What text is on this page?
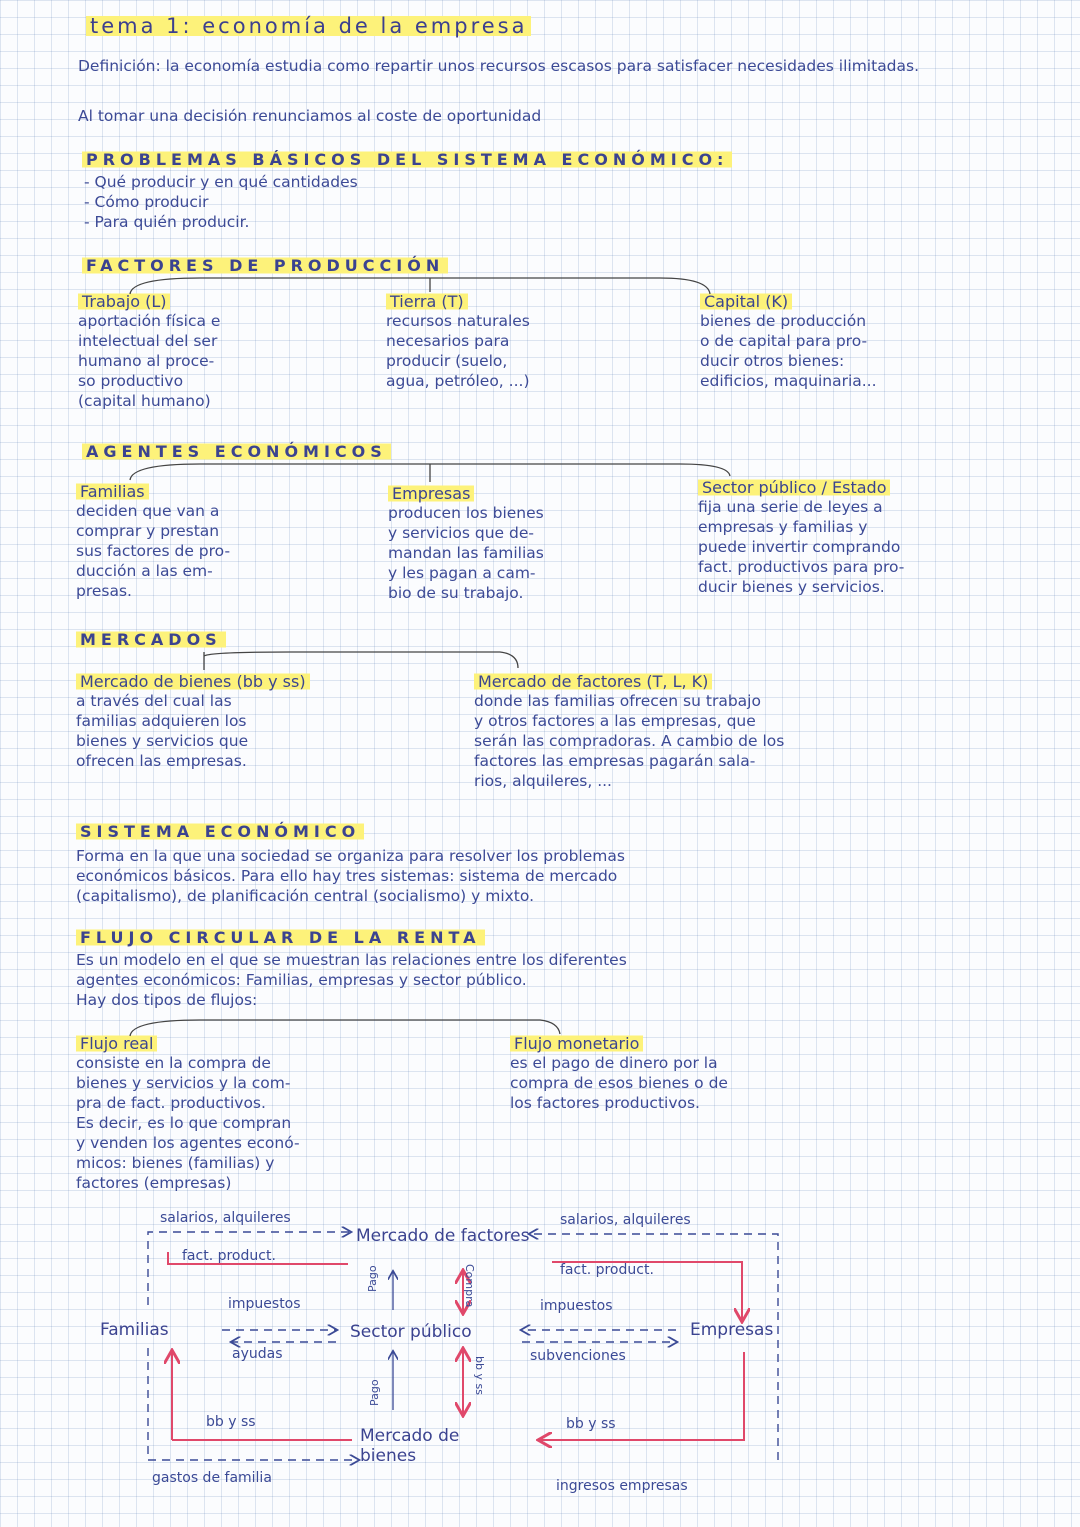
tema 1: economía de la empresa
Definición: la economía estudia como repartir unos recursos escasos para satisfacer necesidades ilimitadas.
Al tomar una decisión renunciamos al coste de oportunidad
PROBLEMAS BÁSICOS DEL SISTEMA ECONÓMICO:

- Qué producir y en qué cantidades

- Cómo producir

- Para quién producir.

FACTORES DE PRODUCCIÓN

Trabajo (L)

aportación física e

intelectual del ser

humano al proce-

so productivo

(capital humano)

Tierra (T)

recursos naturales

necesarios para

producir (suelo,

agua, petróleo, ...)

Capital (K)

bienes de producción

o de capital para pro-

ducir otros bienes:

edificios, maquinaria...

AGENTES ECONÓMICOS

Familias

deciden que van a

comprar y prestan

sus factores de pro-

ducción a las em-

presas.

Empresas

producen los bienes

y servicios que de-

mandan las familias

y les pagan a cam-

bio de su trabajo.

Sector público / Estado

fija una serie de leyes a

empresas y familias y

puede invertir comprando

fact. productivos para pro-

ducir bienes y servicios.

MERCADOS

Mercado de bienes (bb y ss)

a través del cual las

familias adquieren los

bienes y servicios que

ofrecen las empresas.

Mercado de factores (T, L, K)

donde las familias ofrecen su trabajo

y otros factores a las empresas, que

serán las compradoras. A cambio de los

factores las empresas pagarán sala-

rios, alquileres, ...

SISTEMA ECONÓMICO

Forma en la que una sociedad se organiza para resolver los problemas

económicos básicos. Para ello hay tres sistemas: sistema de mercado

(capitalismo), de planificación central (socialismo) y mixto.

FLUJO CIRCULAR DE LA RENTA

Es un modelo en el que se muestran las relaciones entre los diferentes

agentes económicos: Familias, empresas y sector público.

Hay dos tipos de flujos:

Flujo real

consiste en la compra de

bienes y servicios y la com-

pra de fact. productivos.

Es decir, es lo que compran

y venden los agentes econó-

micos: bienes (familias) y

factores (empresas)

Flujo monetario

es el pago de dinero por la

compra de esos bienes o de

los factores productivos.

salarios, alquileres	salarios, alquileres
Mercado de factores
fact. product.
fact. product.
impuestos	impuestos
Familias	Sector público	Empresas
ayudas	subvenciones
Pago	Compra
Pago	bb y ss
bb y ss	bb y ss
Mercado de bienes
gastos de familia	ingresos empresas
